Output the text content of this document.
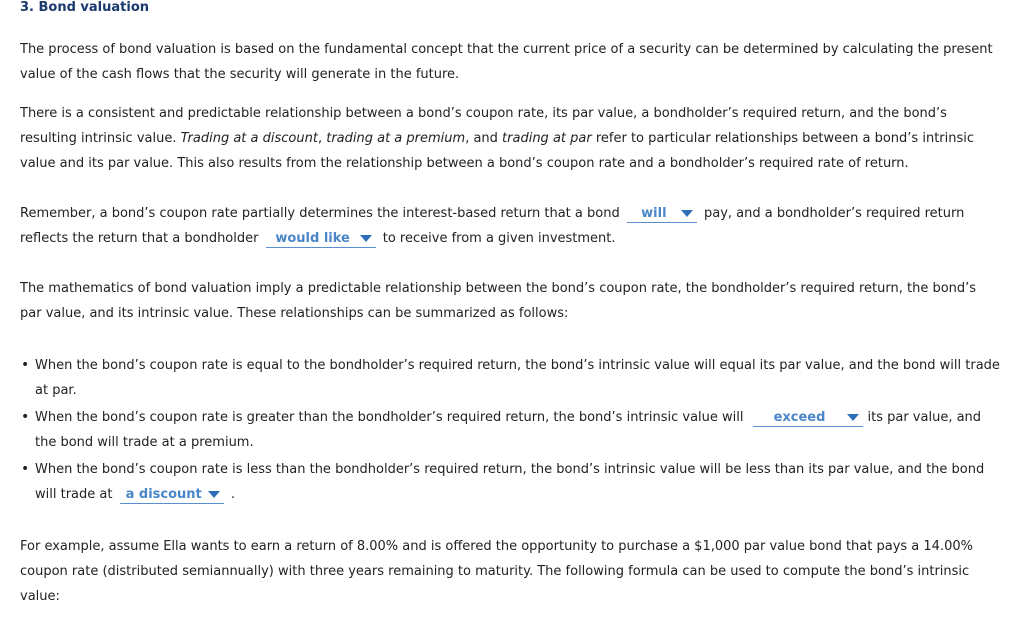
3. Bond valuation

The process of bond valuation is based on the fundamental concept that the current price of a security can be determined by calculating the present value of the cash flows that the security will generate in the future.

There is a consistent and predictable relationship between a bond’s coupon rate, its par value, a bondholder’s required return, and the bond’s resulting intrinsic value. Trading at a discount, trading at a premium, and trading at par refer to particular relationships between a bond’s intrinsic value and its par value. This also results from the relationship between a bond’s coupon rate and a bondholder’s required rate of return.

Remember, a bond’s coupon rate partially determines the interest-based return that a bond will	pay, and a bondholder’s required return reflects the return that a bondholder would like	to receive from a given investment.

The mathematics of bond valuation imply a predictable relationship between the bond’s coupon rate, the bondholder’s required return, the bond’s par value, and its intrinsic value. These relationships can be summarized as follows:

• When the bond’s coupon rate is equal to the bondholder’s required return, the bond’s intrinsic value will equal its par value, and the bond will trade at par.
• When the bond’s coupon rate is greater than the bondholder’s required return, the bond’s intrinsic value will exceed	its par value, and the bond will trade at a premium.
• When the bond’s coupon rate is less than the bondholder’s required return, the bond’s intrinsic value will be less than its par value, and the bond will trade at a discount .

For example, assume Ella wants to earn a return of 8.00% and is offered the opportunity to purchase a $1,000 par value bond that pays a 14.00% coupon rate (distributed semiannually) with three years remaining to maturity. The following formula can be used to compute the bond’s intrinsic value:
